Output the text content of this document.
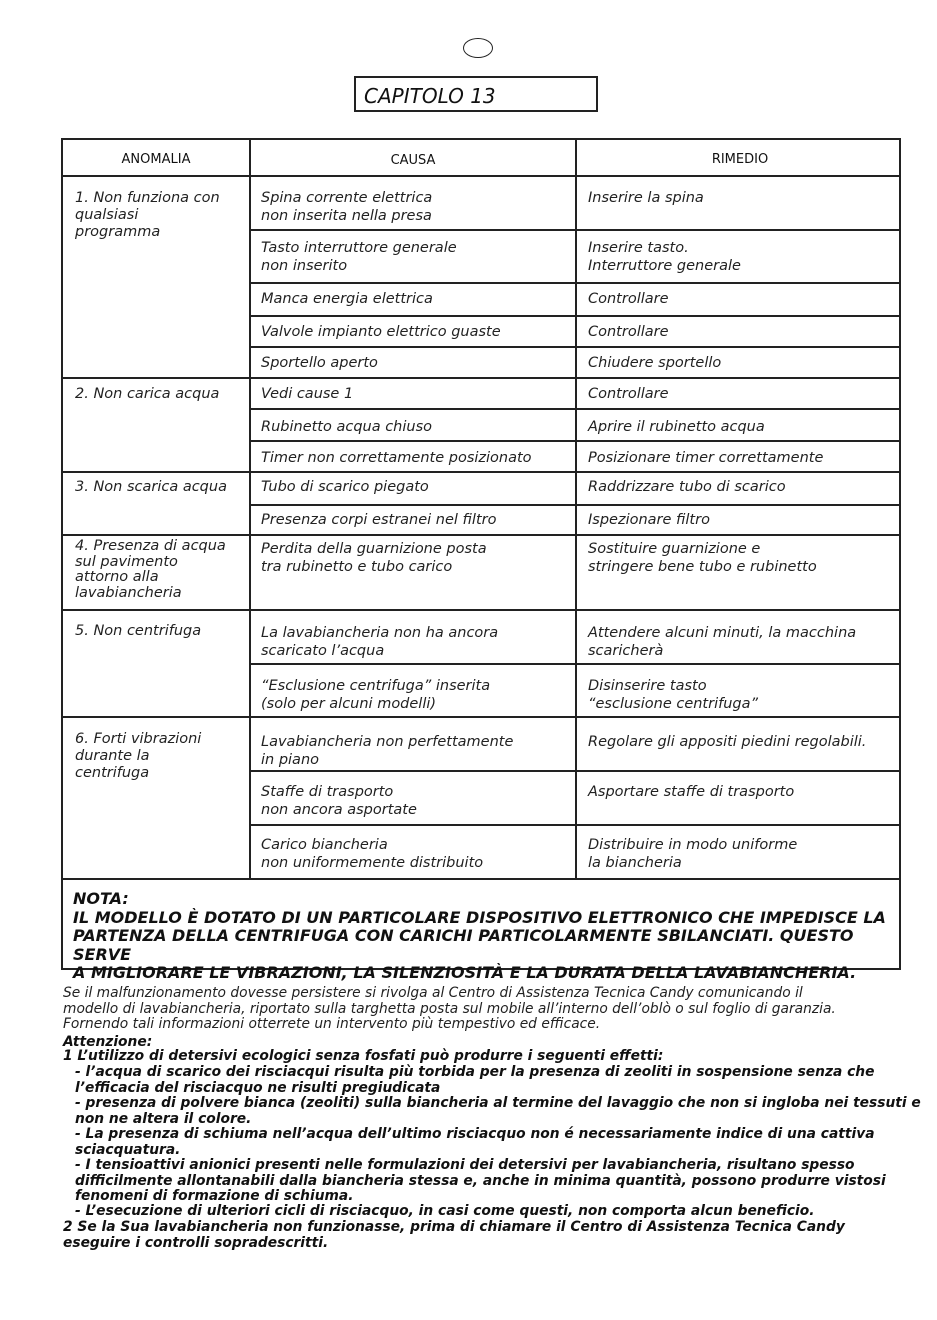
CAPITOLO 13
ANOMALIA	CAUSA	RIMEDIO
1. Non funziona con
qualsiasi
programma
2. Non carica acqua
3. Non scarica acqua
4. Presenza di acqua
sul pavimento
attorno alla
lavabiancheria
5. Non centrifuga
6. Forti vibrazioni
durante la
centrifuga
Spina corrente elettrica
non inserita nella presa
Tasto interruttore generale
non inserito
Manca energia elettrica
Valvole impianto elettrico guaste
Sportello aperto
Vedi cause 1
Rubinetto acqua chiuso
Timer non correttamente posizionato
Tubo di scarico piegato
Presenza corpi estranei nel filtro
Perdita della guarnizione posta
tra rubinetto e tubo carico
La lavabiancheria non ha ancora
scaricato l’acqua
“Esclusione centrifuga” inserita
(solo per alcuni modelli)
Lavabiancheria non perfettamente
in piano
Staffe di trasporto
non ancora asportate
Carico biancheria
non uniformemente distribuito
Inserire la spina
Inserire tasto.
Interruttore generale
Controllare
Controllare
Chiudere sportello
Controllare
Aprire il rubinetto acqua
Posizionare timer correttamente
Raddrizzare tubo di scarico
Ispezionare filtro
Sostituire guarnizione e
stringere bene tubo e rubinetto
Attendere alcuni minuti, la macchina
scaricherà
Disinserire tasto
“esclusione centrifuga”
Regolare gli appositi piedini regolabili.
Asportare staffe di trasporto
Distribuire in modo uniforme
la biancheria
NOTA:
IL MODELLO È DOTATO DI UN PARTICOLARE DISPOSITIVO ELETTRONICO CHE IMPEDISCE LA
PARTENZA DELLA CENTRIFUGA CON CARICHI PARTICOLARMENTE SBILANCIATI. QUESTO SERVE
A MIGLIORARE LE VIBRAZIONI, LA SILENZIOSITÀ E LA DURATA DELLA LAVABIANCHERIA.
Se il malfunzionamento dovesse persistere si rivolga al Centro di Assistenza Tecnica Candy comunicando il
modello di lavabiancheria, riportato sulla targhetta posta sul mobile all’interno dell’oblò o sul foglio di garanzia.
Fornendo tali informazioni otterrete un intervento più tempestivo ed efficace.
Attenzione:
1 L’utilizzo di detersivi ecologici senza fosfati può produrre i seguenti effetti:
- l’acqua di scarico dei risciacqui risulta più torbida per la presenza di zeoliti in sospensione senza che
l’efficacia del risciacquo ne risulti pregiudicata
- presenza di polvere bianca (zeoliti) sulla biancheria al termine del lavaggio che non si ingloba nei tessuti e
non ne altera il colore.
- La presenza di schiuma nell’acqua dell’ultimo risciacquo non é necessariamente indice di una cattiva
sciacquatura.
- I tensioattivi anionici presenti nelle formulazioni dei detersivi per lavabiancheria, risultano spesso
difficilmente allontanabili dalla biancheria stessa e, anche in minima quantità, possono produrre vistosi
fenomeni di formazione di schiuma.
- L’esecuzione di ulteriori cicli di risciacquo, in casi come questi, non comporta alcun beneficio.
2 Se la Sua lavabiancheria non funzionasse, prima di chiamare il Centro di Assistenza Tecnica Candy
eseguire i controlli sopradescritti.
